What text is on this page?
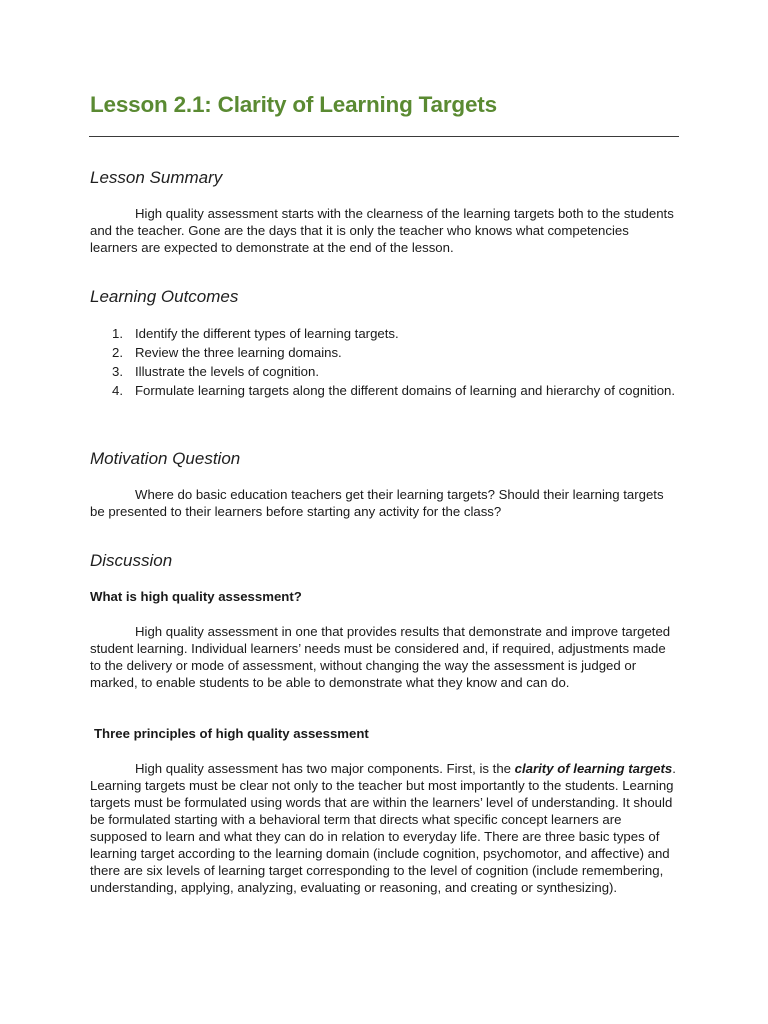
Lesson 2.1: Clarity of Learning Targets
Lesson Summary

High quality assessment starts with the clearness of the learning targets both to the students and the teacher. Gone are the days that it is only the teacher who knows what competencies learners are expected to demonstrate at the end of the lesson.

Learning Outcomes
1. Identify the different types of learning targets.
2. Review the three learning domains.
3. Illustrate the levels of cognition.
4. Formulate learning targets along the different domains of learning and hierarchy of cognition.
Motivation Question

Where do basic education teachers get their learning targets? Should their learning targets be presented to their learners before starting any activity for the class?

Discussion
What is high quality assessment?

High quality assessment in one that provides results that demonstrate and improve targeted student learning. Individual learners’ needs must be considered and, if required, adjustments made to the delivery or mode of assessment, without changing the way the assessment is judged or marked, to enable students to be able to demonstrate what they know and can do.

Three principles of high quality assessment

High quality assessment has two major components. First, is the clarity of learning targets. Learning targets must be clear not only to the teacher but most importantly to the students. Learning targets must be formulated using words that are within the learners’ level of understanding. It should be formulated starting with a behavioral term that directs what specific concept learners are supposed to learn and what they can do in relation to everyday life. There are three basic types of learning target according to the learning domain (include cognition, psychomotor, and affective) and there are six levels of learning target corresponding to the level of cognition (include remembering, understanding, applying, analyzing, evaluating or reasoning, and creating or synthesizing).
